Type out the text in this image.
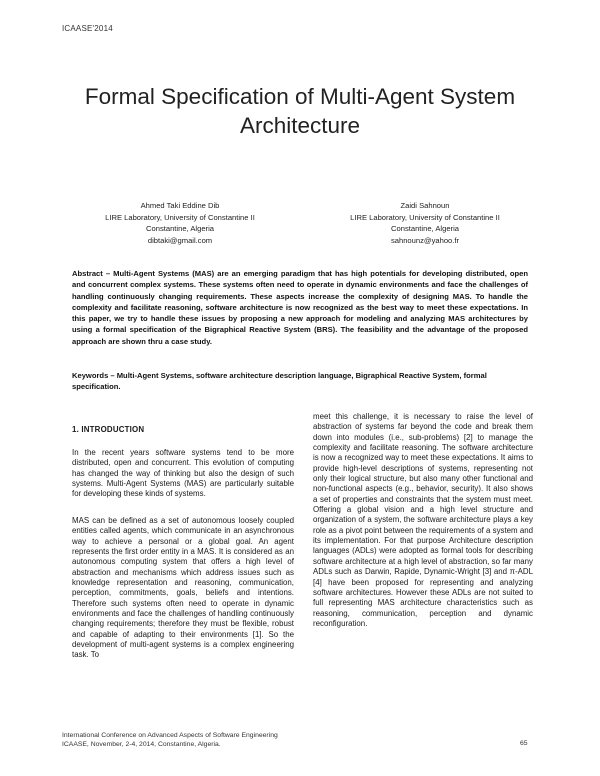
ICAASE'2014
Formal Specification of Multi-Agent System
Architecture
Ahmed Taki Eddine Dib
LIRE Laboratory, University of Constantine II
Constantine, Algeria
dibtaki@gmail.com
Zaidi Sahnoun
LIRE Laboratory, University of Constantine II
Constantine, Algeria
sahnounz@yahoo.fr
Abstract – Multi-Agent Systems (MAS) are an emerging paradigm that has high potentials for developing distributed, open and concurrent complex systems. These systems often need to operate in dynamic environments and face the challenges of handling continuously changing requirements. These aspects increase the complexity of designing MAS. To handle the complexity and facilitate reasoning, software architecture is now recognized as the best way to meet these expectations. In this paper, we try to handle these issues by proposing a new approach for modeling and analyzing MAS architectures by using a formal specification of the Bigraphical Reactive System (BRS). The feasibility and the advantage of the proposed approach are shown thru a case study.
Keywords – Multi-Agent Systems, software architecture description language, Bigraphical Reactive System, formal specification.
1. INTRODUCTION

In the recent years software systems tend to be more distributed, open and concurrent. This evolution of computing has changed the way of thinking but also the design of such systems. Multi-Agent Systems (MAS) are particularly suitable for developing these kinds of systems.

MAS can be defined as a set of autonomous loosely coupled entities called agents, which communicate in an asynchronous way to achieve a personal or a global goal. An agent represents the first order entity in a MAS. It is considered as an autonomous computing system that offers a high level of abstraction and mechanisms which address issues such as knowledge representation and reasoning, communication, perception, commitments, goals, beliefs and intentions. Therefore such systems often need to operate in dynamic environments and face the challenges of handling continuously changing requirements; therefore they must be flexible, robust and capable of adapting to their environments [1]. So the development of multi-agent systems is a complex engineering task. To

meet this challenge, it is necessary to raise the level of abstraction of systems far beyond the code and break them down into modules (i.e., sub-problems) [2] to manage the complexity and facilitate reasoning. The software architecture is now a recognized way to meet these expectations. It aims to provide high-level descriptions of systems, representing not only their logical structure, but also many other functional and non-functional aspects (e.g., behavior, security). It also shows a set of properties and constraints that the system must meet. Offering a global vision and a high level structure and organization of a system, the software architecture plays a key role as a pivot point between the requirements of a system and its implementation. For that purpose Architecture description languages (ADLs) were adopted as formal tools for describing software architecture at a high level of abstraction, so far many ADLs such as Darwin, Rapide, Dynamic-Wright [3] and π-ADL [4] have been proposed for representing and analyzing software architectures. However these ADLs are not suited to full representing MAS architecture characteristics such as reasoning, communication, perception and dynamic reconfiguration.

International Conference on Advanced Aspects of Software Engineering
ICAASE, November, 2-4, 2014, Constantine, Algeria.	65
